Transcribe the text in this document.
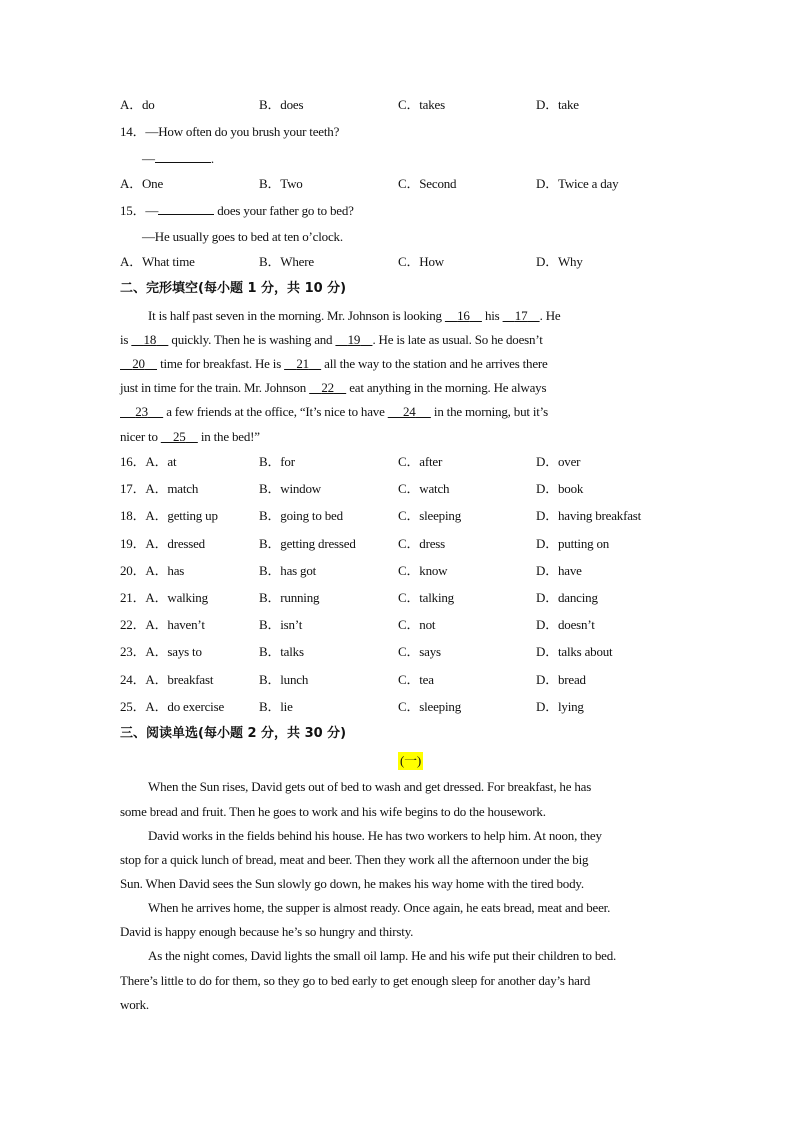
A．do	B．does	C．takes	D．take
14．—How often do you brush your teeth?
—	.
A．One	B．Two	C．Second	D．Twice a day
15．—	does your father go to bed?
—He usually goes to bed at ten o’clock.
A．What time	B．Where	C．How	D．Why
二、完形填空(每小题 1 分，共 10 分)
It is half past seven in the morning. Mr. Johnson is looking     16     his     17 . He
is     18     quickly. Then he is washing and     19 . He is late as usual. So he doesn’t
20     time for breakfast. He is     21     all the way to the station and he arrives there
just in time for the train. Mr. Johnson     22     eat anything in the morning. He always
23      a few friends at the office, “It’s nice to have      24      in the morning, but it’s
nicer to     25     in the bed!”
16．A．at	B．for	C．after	D．over
17．A．match	B．window	C．watch	D．book
18．A．getting up	B．going to bed	C．sleeping	D．having breakfast
19．A．dressed	B．getting dressed	C．dress	D．putting on
20．A．has	B．has got	C．know	D．have
21．A．walking	B．running	C．talking	D．dancing
22．A．haven’t	B．isn’t	C．not	D．doesn’t
23．A．says to	B．talks	C．says	D．talks about
24．A．breakfast	B．lunch	C．tea	D．bread
25．A．do exercise	B．lie	C．sleeping	D．lying
三、阅读单选(每小题 2 分，共 30 分)
(一)
When the Sun rises, David gets out of bed to wash and get dressed. For breakfast, he has
some bread and fruit. Then he goes to work and his wife begins to do the housework.
David works in the fields behind his house. He has two workers to help him. At noon, they
stop for a quick lunch of bread, meat and beer. Then they work all the afternoon under the big
Sun. When David sees the Sun slowly go down, he makes his way home with the tired body.
When he arrives home, the supper is almost ready. Once again, he eats bread, meat and beer.
David is happy enough because he’s so hungry and thirsty.
As the night comes, David lights the small oil lamp. He and his wife put their children to bed.
There’s little to do for them, so they go to bed early to get enough sleep for another day’s hard
work.
